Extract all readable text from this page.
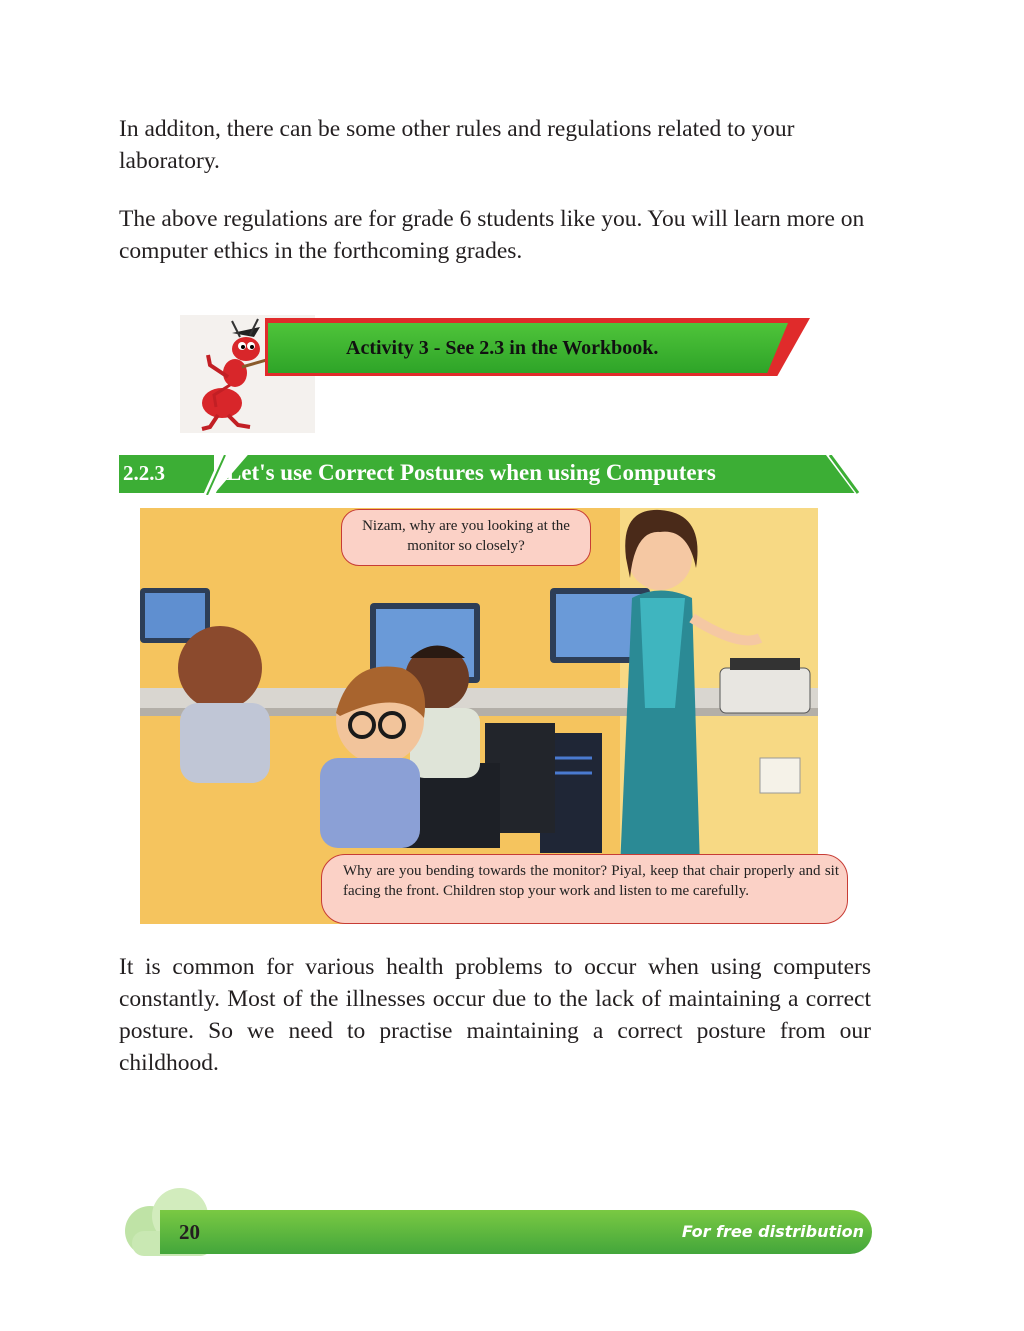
In additon, there can be some other rules and regulations related to your laboratory.

The above regulations are for grade 6 students like you. You will learn more on computer ethics in the forthcoming grades.

Activity 3 - See 2.3 in the Workbook.
2.2.3	Let's use Correct Postures when using Computers
Nizam, why are you looking at the monitor so closely?
Why are you bending towards the monitor? Piyal, keep that chair properly and sit facing the front. Children stop your work and listen to me carefully.

It is common for various health problems to occur when using computers constantly. Most of the illnesses occur due to the lack of maintaining a correct posture. So we need to practise maintaining a correct posture from our childhood.

20	For free distribution
